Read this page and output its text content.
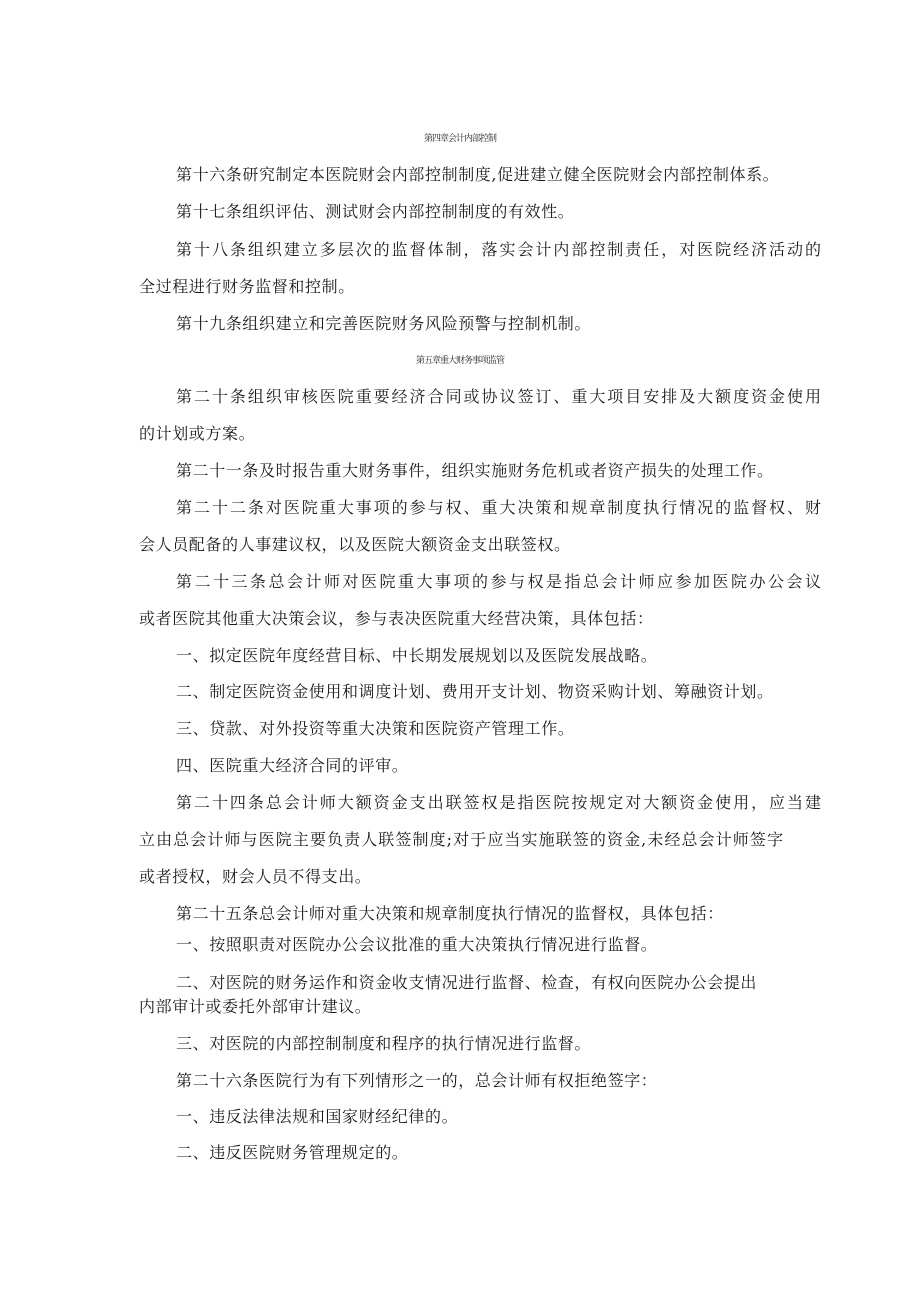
第四章会计内部控制
第十六条研究制定本医院财会内部控制制度,促进建立健全医院财会内部控制体系。
第十七条组织评估、测试财会内部控制制度的有效性。
第十八条组织建立多层次的监督体制，落实会计内部控制责任，对医院经济活动的
全过程进行财务监督和控制。
第十九条组织建立和完善医院财务风险预警与控制机制。
第五章重大财务事项监管
第二十条组织审核医院重要经济合同或协议签订、重大项目安排及大额度资金使用
的计划或方案。
第二十一条及时报告重大财务事件，组织实施财务危机或者资产损失的处理工作。
第二十二条对医院重大事项的参与权、重大决策和规章制度执行情况的监督权、财
会人员配备的人事建议权，以及医院大额资金支出联签权。
第二十三条总会计师对医院重大事项的参与权是指总会计师应参加医院办公会议
或者医院其他重大决策会议，参与表决医院重大经营决策，具体包括：
一、拟定医院年度经营目标、中长期发展规划以及医院发展战略。
二、制定医院资金使用和调度计划、费用开支计划、物资采购计划、筹融资计划。
三、贷款、对外投资等重大决策和医院资产管理工作。
四、医院重大经济合同的评审。
第二十四条总会计师大额资金支出联签权是指医院按规定对大额资金使用，应当建
立由总会计师与医院主要负责人联签制度;对于应当实施联签的资金,未经总会计师签字
或者授权，财会人员不得支出。
第二十五条总会计师对重大决策和规章制度执行情况的监督权，具体包括：
一、按照职责对医院办公会议批准的重大决策执行情况进行监督。
二、对医院的财务运作和资金收支情况进行监督、检查，有权向医院办公会提出
内部审计或委托外部审计建议。
三、对医院的内部控制制度和程序的执行情况进行监督。
第二十六条医院行为有下列情形之一的，总会计师有权拒绝签字：
一、违反法律法规和国家财经纪律的。
二、违反医院财务管理规定的。
